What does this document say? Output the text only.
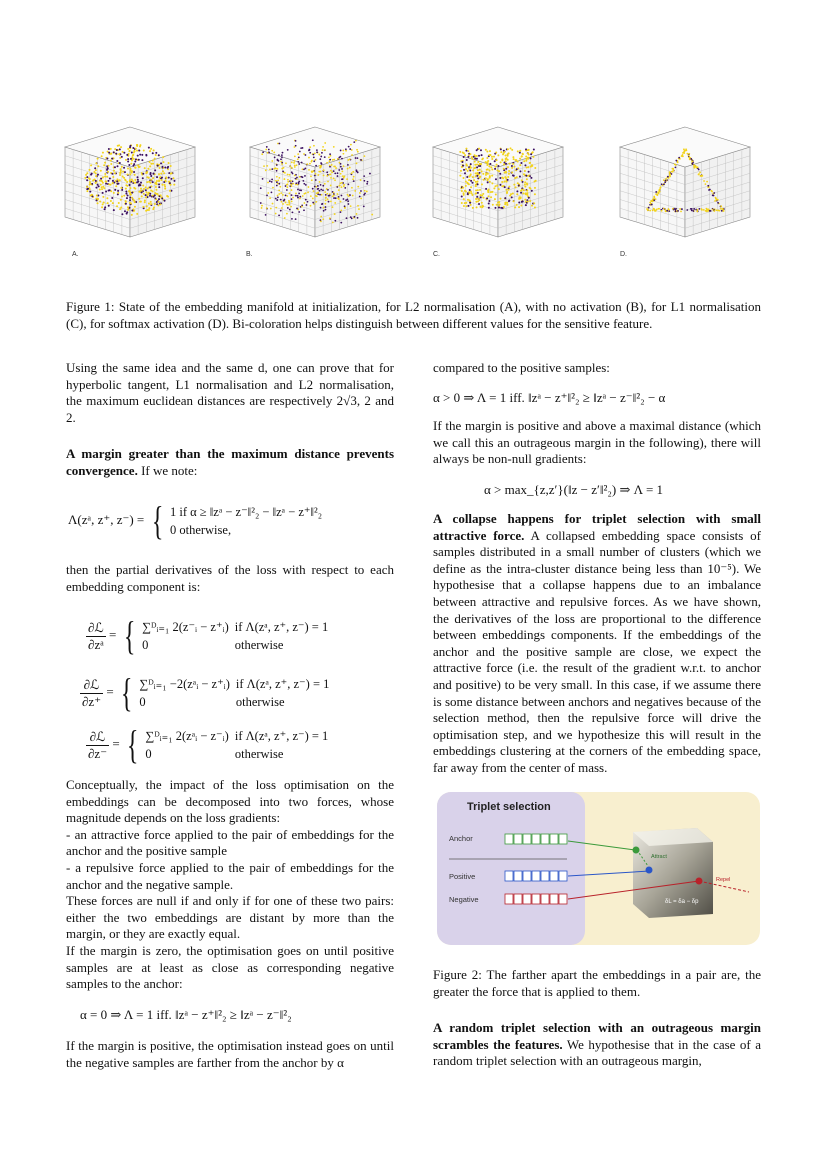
A.	B.	C.	D.
Figure 1: State of the embedding manifold at initialization, for L2 normalisation (A), with no activation (B), for L1 normalisation (C), for softmax activation (D). Bi-coloration helps distinguish between different values for the sensitive feature.

Using the same idea and the same d, one can prove that for hyperbolic tangent, L1 normalisation and L2 normalisation, the maximum euclidean distances are respectively 2√3, 2 and 2.

A margin greater than the maximum distance prevents convergence. If we note:

Λ(zᵃ, z⁺, z⁻) = { 1 if α ≥ ‖zᵃ − z⁻‖²₂ − ‖zᵃ − z⁺‖²₂
0 otherwise,

then the partial derivatives of the loss with respect to each embedding component is:

$\frac{\text{∂ℒ}}{\text{∂zᵃ}}$ = { ∑ᴰᵢ₌₁ 2(z⁻ᵢ − z⁺ᵢ)	if Λ(zᵃ, z⁺, z⁻) = 1
0	otherwise
$\frac{\text{∂ℒ}}{\partial z^+}$ = { ∑ᴰᵢ₌₁ −2(zᵃᵢ − z⁺ᵢ)	if Λ(zᵃ, z⁺, z⁻) = 1
0	otherwise
$\frac{\text{∂ℒ}}{\partial z^-}$ = { ∑ᴰᵢ₌₁ 2(zᵃᵢ − z⁻ᵢ)	if Λ(zᵃ, z⁺, z⁻) = 1
0	otherwise

Conceptually, the impact of the loss optimisation on the embeddings can be decomposed into two forces, whose magnitude depends on the loss gradients:

- an attractive force applied to the pair of embeddings for the anchor and the positive sample

- a repulsive force applied to the pair of embeddings for the anchor and the negative sample.

These forces are null if and only if for one of these two pairs: either the two embeddings are distant by more than the margin, or they are exactly equal.

If the margin is zero, the optimisation goes on until positive samples are at least as close as corresponding negative samples to the anchor:

α = 0 ⇒ Λ = 1 iff. ‖zᵃ − z⁺‖²₂ ≥ ‖zᵃ − z⁻‖²₂

If the margin is positive, the optimisation instead goes on until the negative samples are farther from the anchor by α

compared to the positive samples:

α > 0 ⇒ Λ = 1 iff. ‖zᵃ − z⁺‖²₂ ≥ ‖zᵃ − z⁻‖²₂ − α

If the margin is positive and above a maximal distance (which we call this an outrageous margin in the following), there will always be non-null gradients:

α > max_{z,z′}(‖z − z′‖²₂) ⇒ Λ = 1

A collapse happens for triplet selection with small attractive force. A collapsed embedding space consists of samples distributed in a small number of clusters (which we define as the intra-cluster distance being less than 10⁻⁵). We hypothesise that a collapse happens due to an imbalance between attractive and repulsive forces. As we have shown, the derivatives of the loss are proportional to the difference between embeddings components. If the embeddings of the anchor and the positive sample are close, we expect the attractive force (i.e. the result of the gradient w.r.t. to anchor and positive) to be very small. In this case, if we assume there is some distance between anchors and negatives because of the selection method, then the repulsive force will drive the optimisation step, and we hypothesize this will result in the embeddings clustering at the corners of the embedding space, far away from the center of mass.

Triplet selection
Anchor
Positive
Negative
Attract
Repel
δL = δa − δp

Figure 2: The farther apart the embeddings in a pair are, the greater the force that is applied to them.

A random triplet selection with an outrageous margin scrambles the features. We hypothesise that in the case of a random triplet selection with an outrageous margin,
